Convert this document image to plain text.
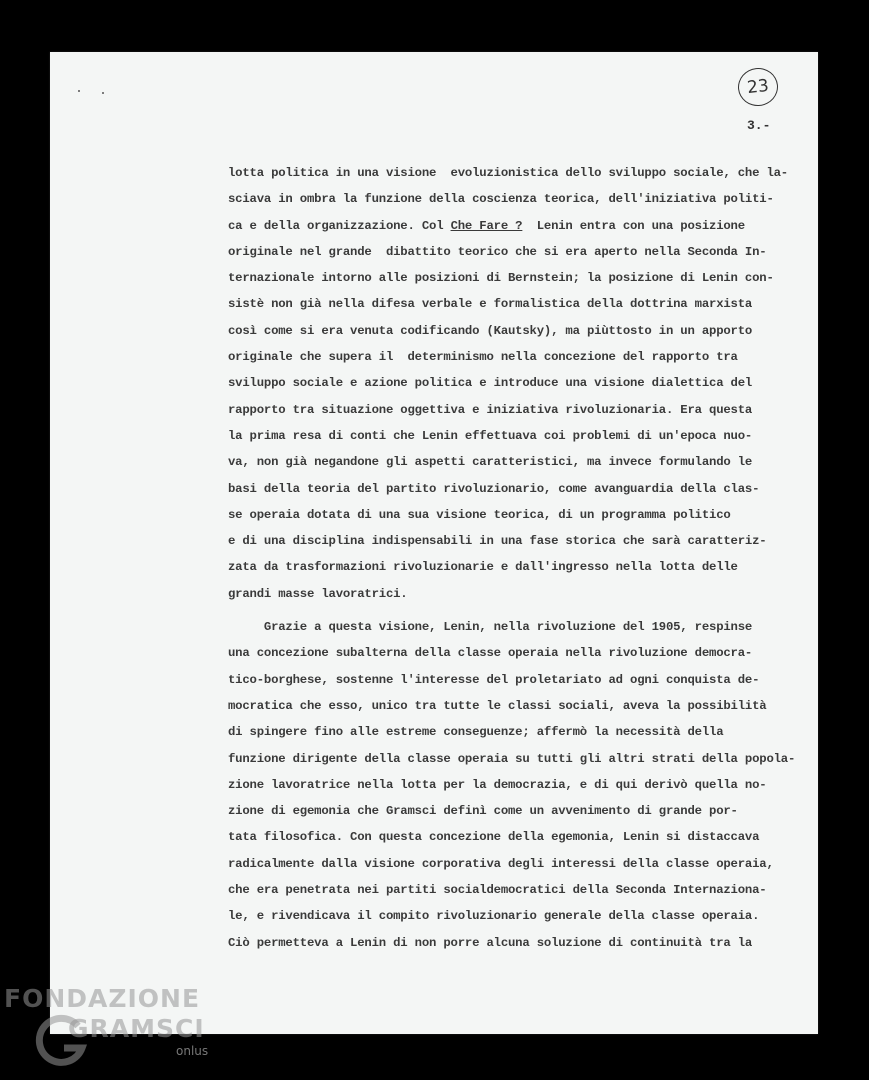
23
3.-
lotta politica in una visione  evoluzionistica dello sviluppo sociale, che la-
sciava in ombra la funzione della coscienza teorica, dell'iniziativa politi-
ca e della organizzazione. Col Che Fare ?  Lenin entra con una posizione
originale nel grande  dibattito teorico che si era aperto nella Seconda In-
ternazionale intorno alle posizioni di Bernstein; la posizione di Lenin con-
sistè non già nella difesa verbale e formalistica della dottrina marxista
così come si era venuta codificando (Kautsky), ma piùttosto in un apporto
originale che supera il  determinismo nella concezione del rapporto tra
sviluppo sociale e azione politica e introduce una visione dialettica del
rapporto tra situazione oggettiva e iniziativa rivoluzionaria. Era questa
la prima resa di conti che Lenin effettuava coi problemi di un'epoca nuo-
va, non già negandone gli aspetti caratteristici, ma invece formulando le
basi della teoria del partito rivoluzionario, come avanguardia della clas-
se operaia dotata di una sua visione teorica, di un programma politico
e di una disciplina indispensabili in una fase storica che sarà caratteriz-
zata da trasformazioni rivoluzionarie e dall'ingresso nella lotta delle
grandi masse lavoratrici.
Grazie a questa visione, Lenin, nella rivoluzione del 1905, respinse
una concezione subalterna della classe operaia nella rivoluzione democra-
tico-borghese, sostenne l'interesse del proletariato ad ogni conquista de-
mocratica che esso, unico tra tutte le classi sociali, aveva la possibilità
di spingere fino alle estreme conseguenze; affermò la necessità della
funzione dirigente della classe operaia su tutti gli altri strati della popola-
zione lavoratrice nella lotta per la democrazia, e di qui derivò quella no-
zione di egemonia che Gramsci definì come un avvenimento di grande por-
tata filosofica. Con questa concezione della egemonia, Lenin si distaccava
radicalmente dalla visione corporativa degli interessi della classe operaia,
che era penetrata nei partiti socialdemocratici della Seconda Internaziona-
le, e rivendicava il compito rivoluzionario generale della classe operaia.
Ciò permetteva a Lenin di non porre alcuna soluzione di continuità tra la
FONDAZIONE
GRAMSCI
onlus
